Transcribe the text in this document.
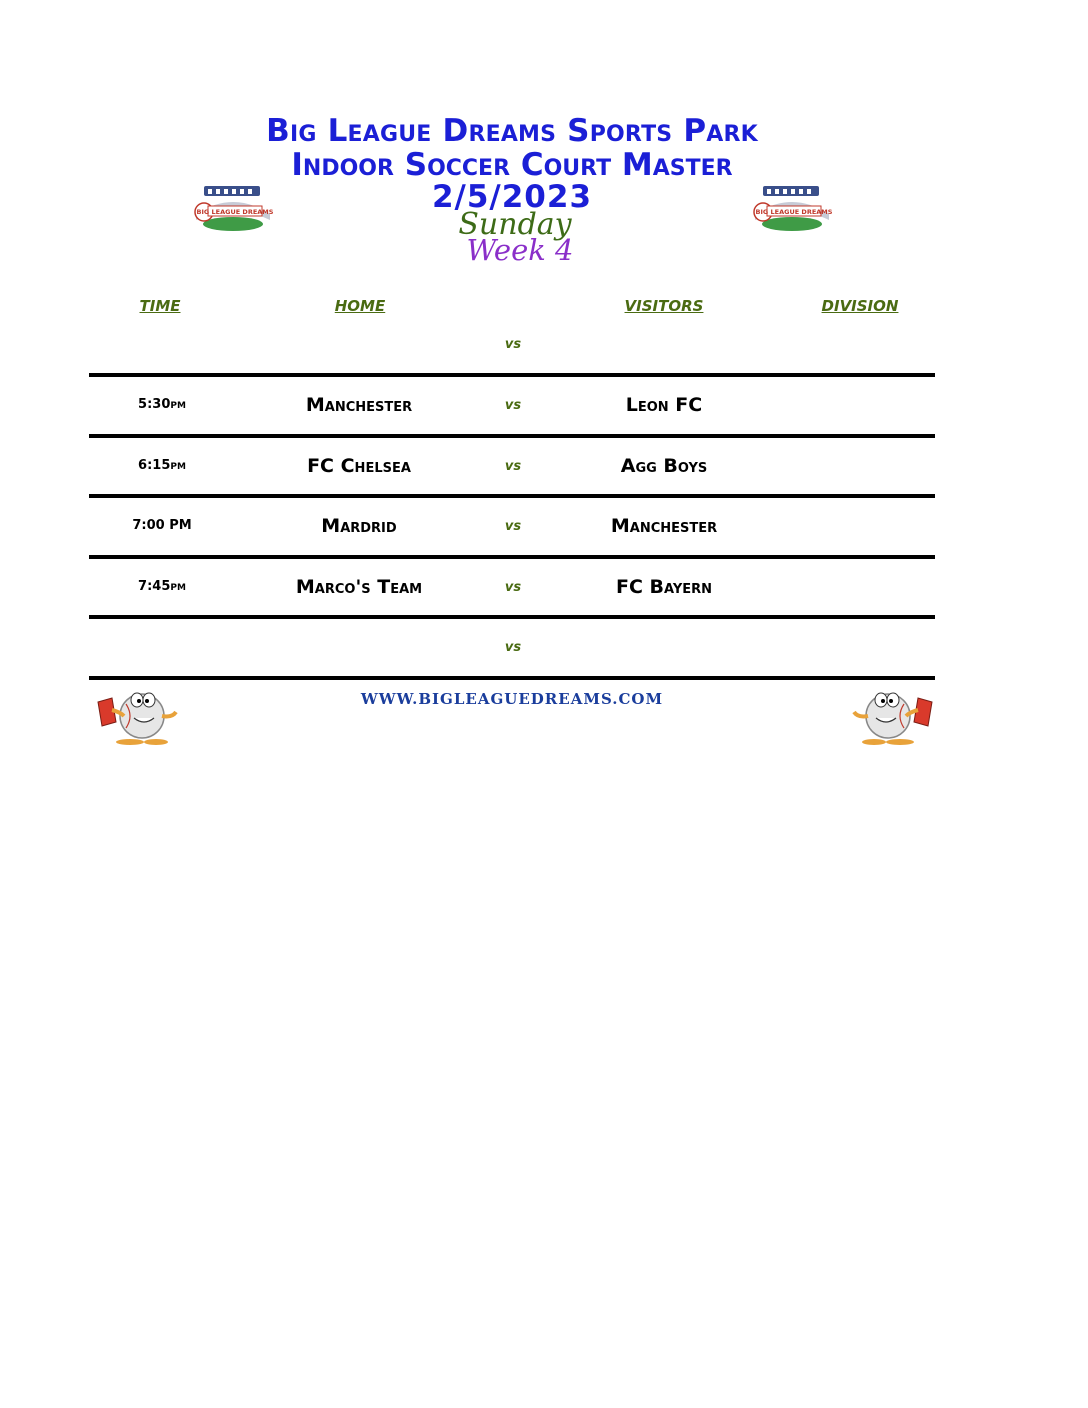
Big League Dreams Sports Park
Indoor Soccer Court Master
2/5/2023
Sunday
Week 4
BIG LEAGUE DREAMS	BIG LEAGUE DREAMS
TIME	HOME	VISITORS	DIVISION
vs
5:30pm	Manchester	vs	Leon FC
6:15pm	FC Chelsea	vs	Agg Boys
7:00 PM	Mardrid	vs	Manchester
7:45pm	Marco's Team	vs	FC Bayern
vs
WWW.BIGLEAGUEDREAMS.COM
